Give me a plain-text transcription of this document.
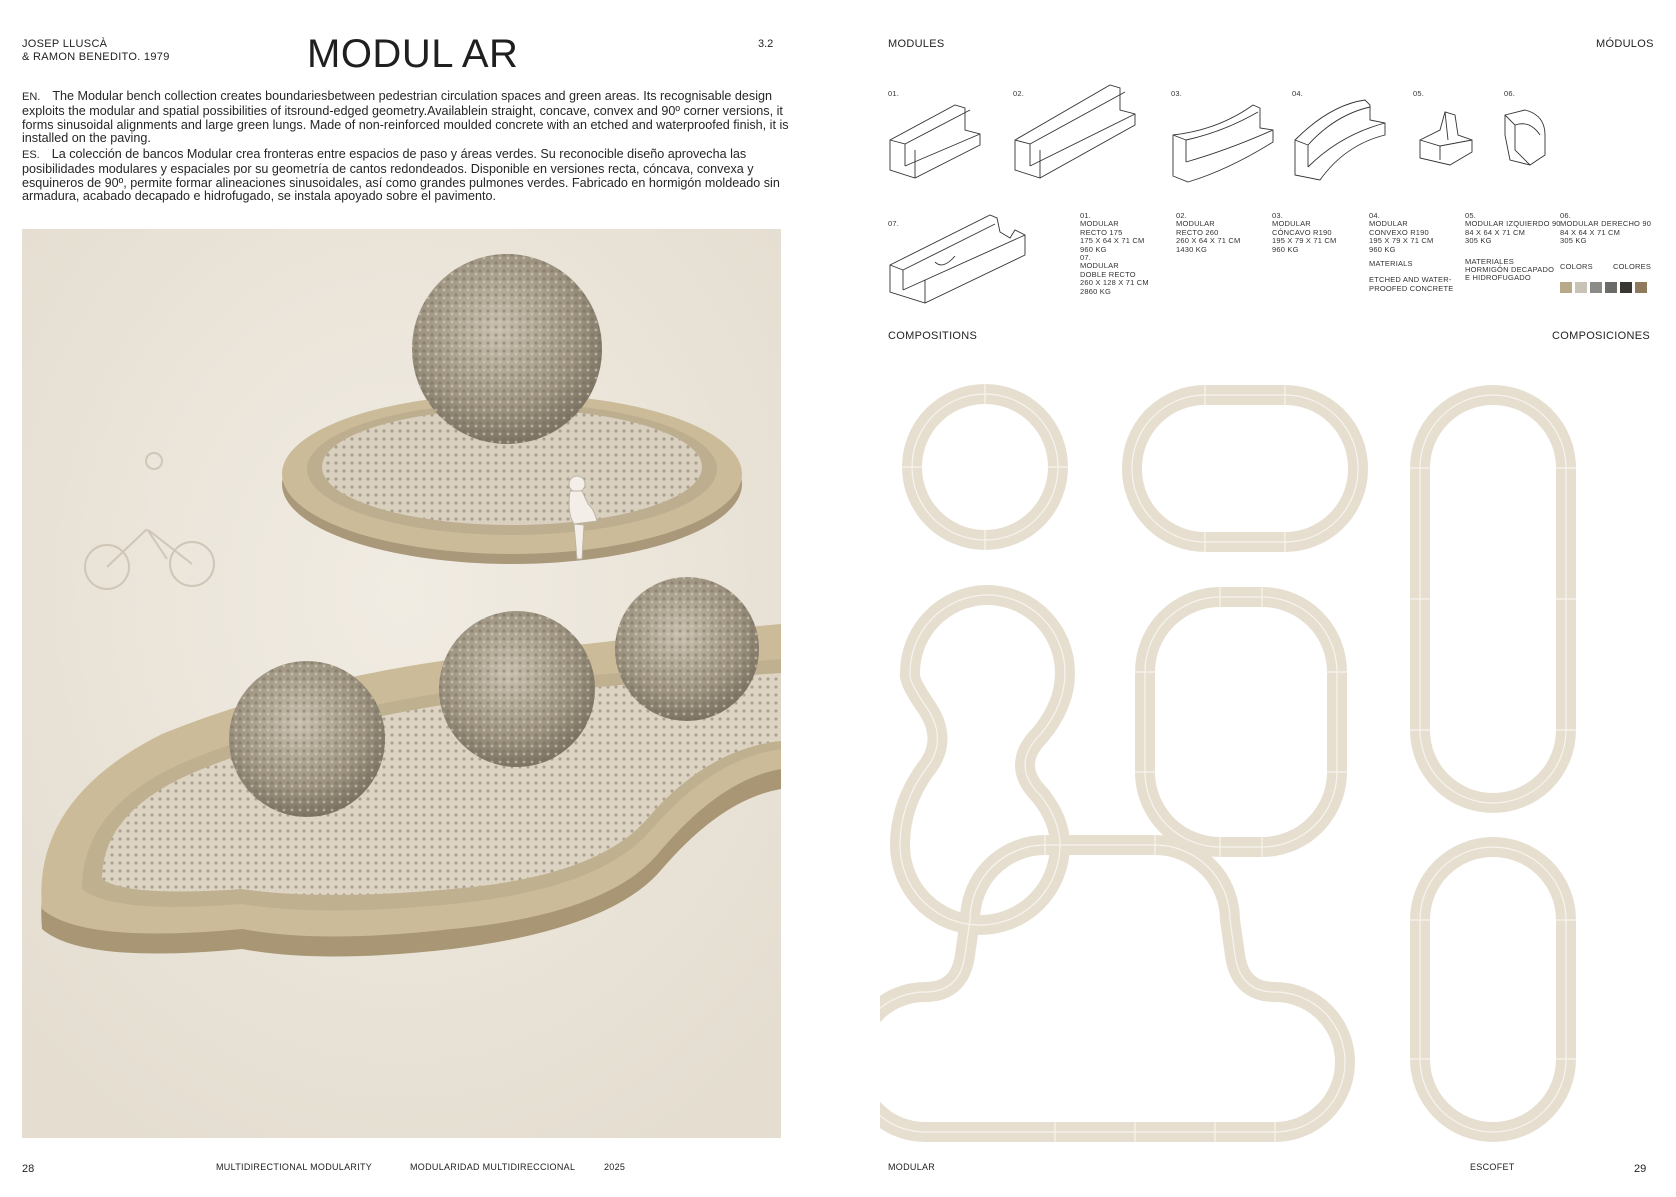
JOSEP LLUSCÀ
& RAMON BENEDITO. 1979	MODUL AR	3.2
EN. The Modular bench collection creates boundariesbetween pedestrian circulation spaces and green areas. Its recognisable design exploits the modular and spatial possibilities of itsround-edged geometry.Availablein straight, concave, convex and 90º corner versions, it forms sinusoidal alignments and large green lungs. Made of non-reinforced moulded concrete with an etched and waterproofed finish, it is installed on the paving.
ES. La colección de bancos Modular crea fronteras entre espacios de paso y áreas verdes. Su reconocible diseño aprovecha las posibilidades modulares y espaciales por su geometría de cantos redondeados. Disponible en versiones recta, cóncava, convexa y esquineros de 90º, permite formar alineaciones sinusoidales, así como grandes pulmones verdes. Fabricado en hormigón moldeado sin armadura, acabado decapado e hidrofugado, se instala apoyado sobre el pavimento.
28	MULTIDIRECTIONAL MODULARITY	MODULARIDAD MULTIDIRECCIONAL	2025
MODULES	MÓDULOS
01.	02.	03.	04.	05.	06.
07.
01.
MODULAR
RECTO 175
175 X 64 X 71 CM
960 KG
07.
MODULAR
DOBLE RECTO
260 X 128 X 71 CM
2860 KG
02.
MODULAR
RECTO 260
260 X 64 X 71 CM
1430 KG
03.
MODULAR
CÓNCAVO R190
195 X 79 X 71 CM
960 KG
04.
MODULAR
CONVEXO R190
195 X 79 X 71 CM
960 KG
MATERIALS
ETCHED AND WATER-
PROOFED CONCRETE
05.
MODULAR IZQUIERDO 90
84 X 64 X 71 CM
305 KG
MATERIALES
HORMIGÓN DECAPADO
E HIDROFUGADO
06.
MODULAR DERECHO 90
84 X 64 X 71 CM
305 KG
COLORS	COLORES
COMPOSITIONS	COMPOSICIONES
MODULAR	ESCOFET	29
